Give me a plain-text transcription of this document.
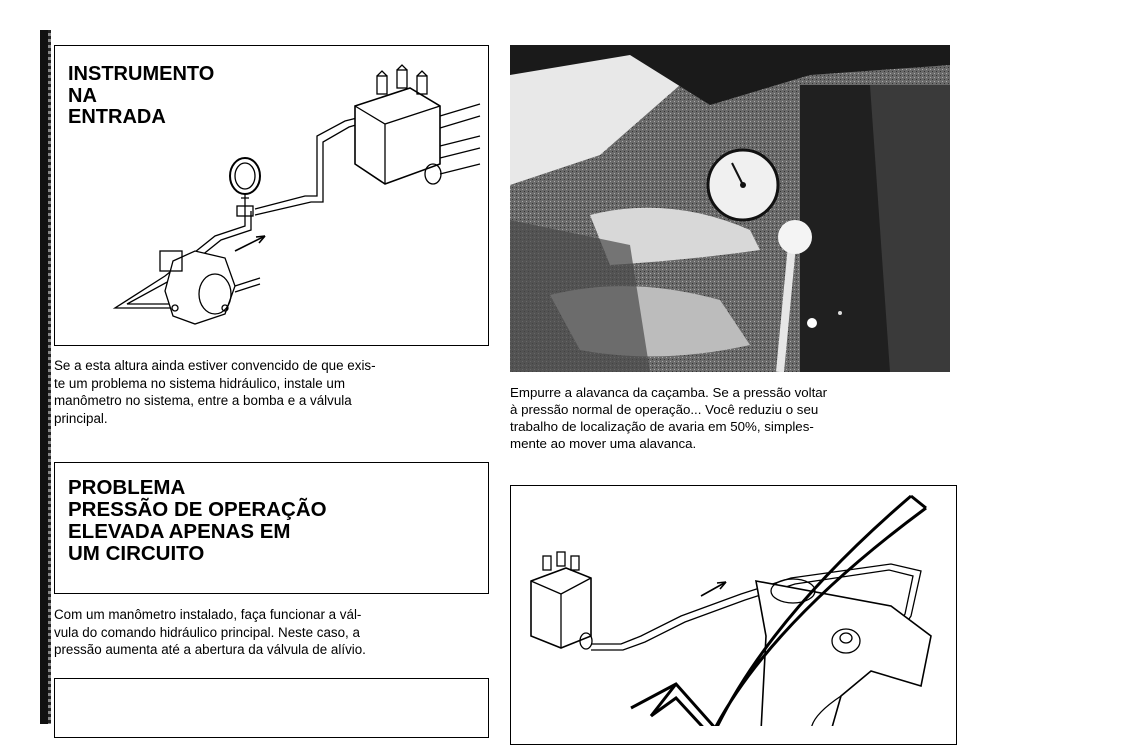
INSTRUMENTO
NA
ENTRADA

Se a esta altura ainda estiver convencido de que exis-

te um problema no sistema hidráulico, instale um

manômetro no sistema, entre a bomba e a válvula

principal.

PROBLEMA
PRESSÃO DE OPERAÇÃO
ELEVADA APENAS EM
UM CIRCUITO

Com um manômetro instalado, faça funcionar a vál-

vula do comando hidráulico principal. Neste caso, a

pressão aumenta até a abertura da válvula de alívio.

Empurre a alavanca da caçamba. Se a pressão voltar

à pressão normal de operação... Você reduziu o seu

trabalho de localização de avaria em 50%, simples-

mente ao mover uma alavanca.
